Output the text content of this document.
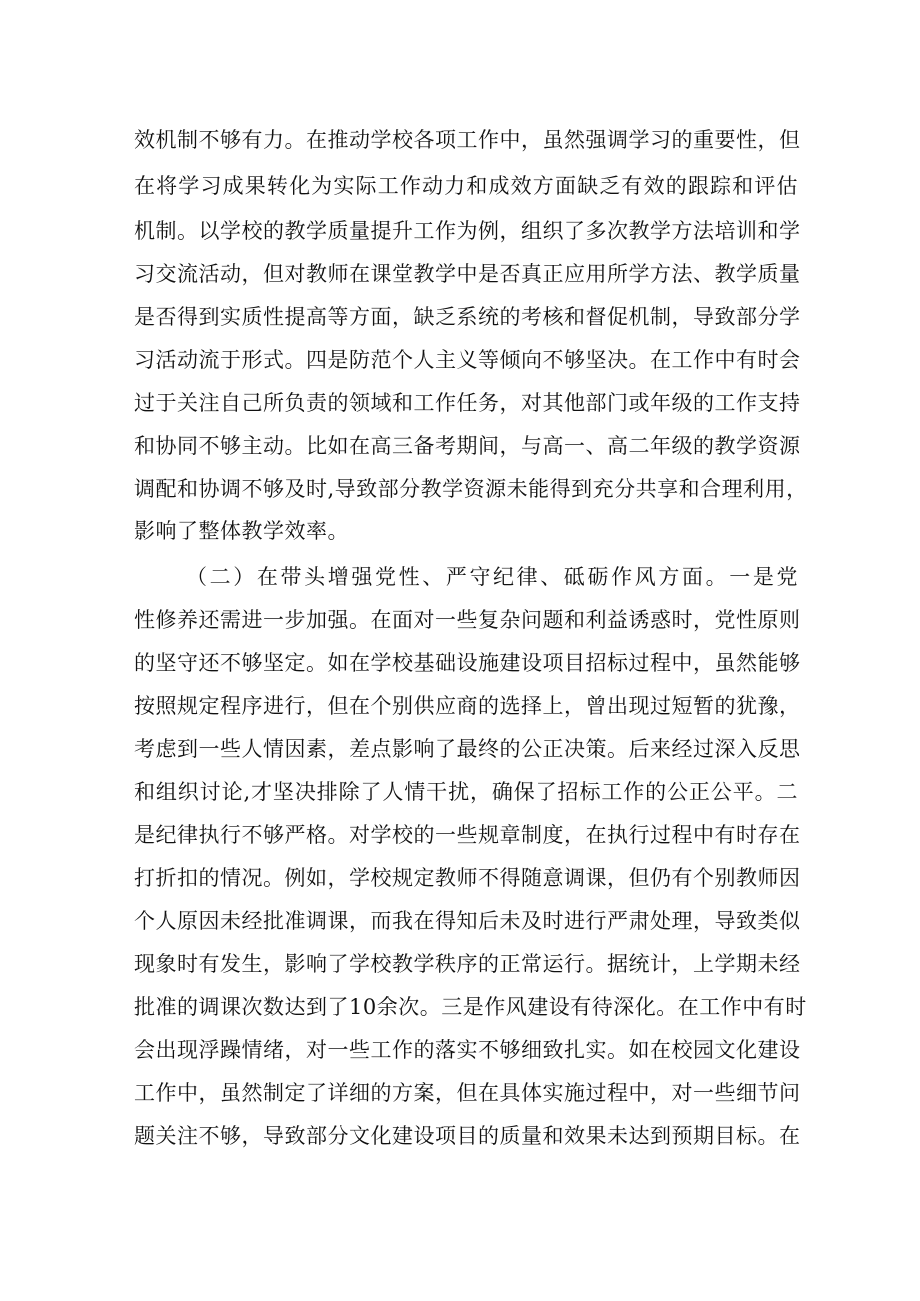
效机制不够有力。在推动学校各项工作中，虽然强调学习的重要性，但
在将学习成果转化为实际工作动力和成效方面缺乏有效的跟踪和评估
机制。以学校的教学质量提升工作为例，组织了多次教学方法培训和学
习交流活动，但对教师在课堂教学中是否真正应用所学方法、教学质量
是否得到实质性提高等方面，缺乏系统的考核和督促机制，导致部分学
习活动流于形式。四是防范个人主义等倾向不够坚决。在工作中有时会
过于关注自己所负责的领域和工作任务，对其他部门或年级的工作支持
和协同不够主动。比如在高三备考期间，与高一、高二年级的教学资源
调配和协调不够及时,导致部分教学资源未能得到充分共享和合理利用，
影响了整体教学效率。
（二）在带头增强党性、严守纪律、砥砺作风方面。一是党
性修养还需进一步加强。在面对一些复杂问题和利益诱惑时，党性原则
的坚守还不够坚定。如在学校基础设施建设项目招标过程中，虽然能够
按照规定程序进行，但在个别供应商的选择上，曾出现过短暂的犹豫，
考虑到一些人情因素，差点影响了最终的公正决策。后来经过深入反思
和组织讨论,才坚决排除了人情干扰，确保了招标工作的公正公平。二
是纪律执行不够严格。对学校的一些规章制度，在执行过程中有时存在
打折扣的情况。例如，学校规定教师不得随意调课，但仍有个别教师因
个人原因未经批准调课，而我在得知后未及时进行严肃处理，导致类似
现象时有发生，影响了学校教学秩序的正常运行。据统计，上学期未经
批准的调课次数达到了10余次。三是作风建设有待深化。在工作中有时
会出现浮躁情绪，对一些工作的落实不够细致扎实。如在校园文化建设
工作中，虽然制定了详细的方案，但在具体实施过程中，对一些细节问
题关注不够，导致部分文化建设项目的质量和效果未达到预期目标。在
